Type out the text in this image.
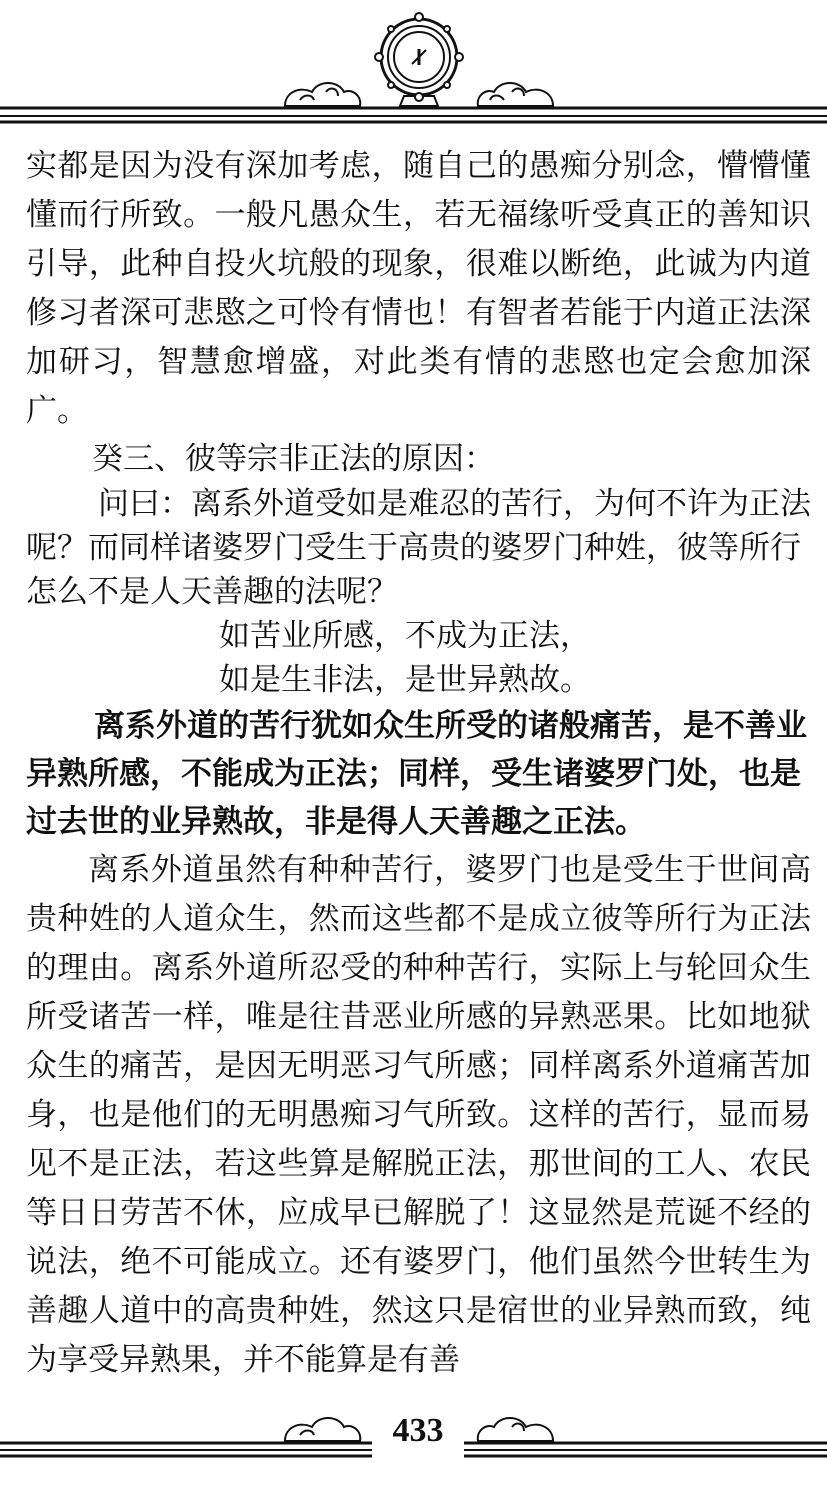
实都是因为没有深加考虑，随自己的愚痴分别念，懵懵懂懂而行所致。一般凡愚众生，若无福缘听受真正的善知识引导，此种自投火坑般的现象，很难以断绝，此诚为内道修习者深可悲愍之可怜有情也！有智者若能于内道正法深加研习，智慧愈增盛，对此类有情的悲愍也定会愈加深广。

癸三、彼等宗非正法的原因：

问曰：离系外道受如是难忍的苦行，为何不许为正法呢？而同样诸婆罗门受生于高贵的婆罗门种姓，彼等所行怎么不是人天善趣的法呢？

如苦业所感，不成为正法，

如是生非法，是世异熟故。

离系外道的苦行犹如众生所受的诸般痛苦，是不善业异熟所感，不能成为正法；同样，受生诸婆罗门处，也是过去世的业异熟故，非是得人天善趣之正法。

离系外道虽然有种种苦行，婆罗门也是受生于世间高贵种姓的人道众生，然而这些都不是成立彼等所行为正法的理由。离系外道所忍受的种种苦行，实际上与轮回众生所受诸苦一样，唯是往昔恶业所感的异熟恶果。比如地狱众生的痛苦，是因无明恶习气所感；同样离系外道痛苦加身，也是他们的无明愚痴习气所致。这样的苦行，显而易见不是正法，若这些算是解脱正法，那世间的工人、农民等日日劳苦不休，应成早已解脱了！这显然是荒诞不经的说法，绝不可能成立。还有婆罗门，他们虽然今世转生为善趣人道中的高贵种姓，然这只是宿世的业异熟而致，纯为享受异熟果，并不能算是有善

433
